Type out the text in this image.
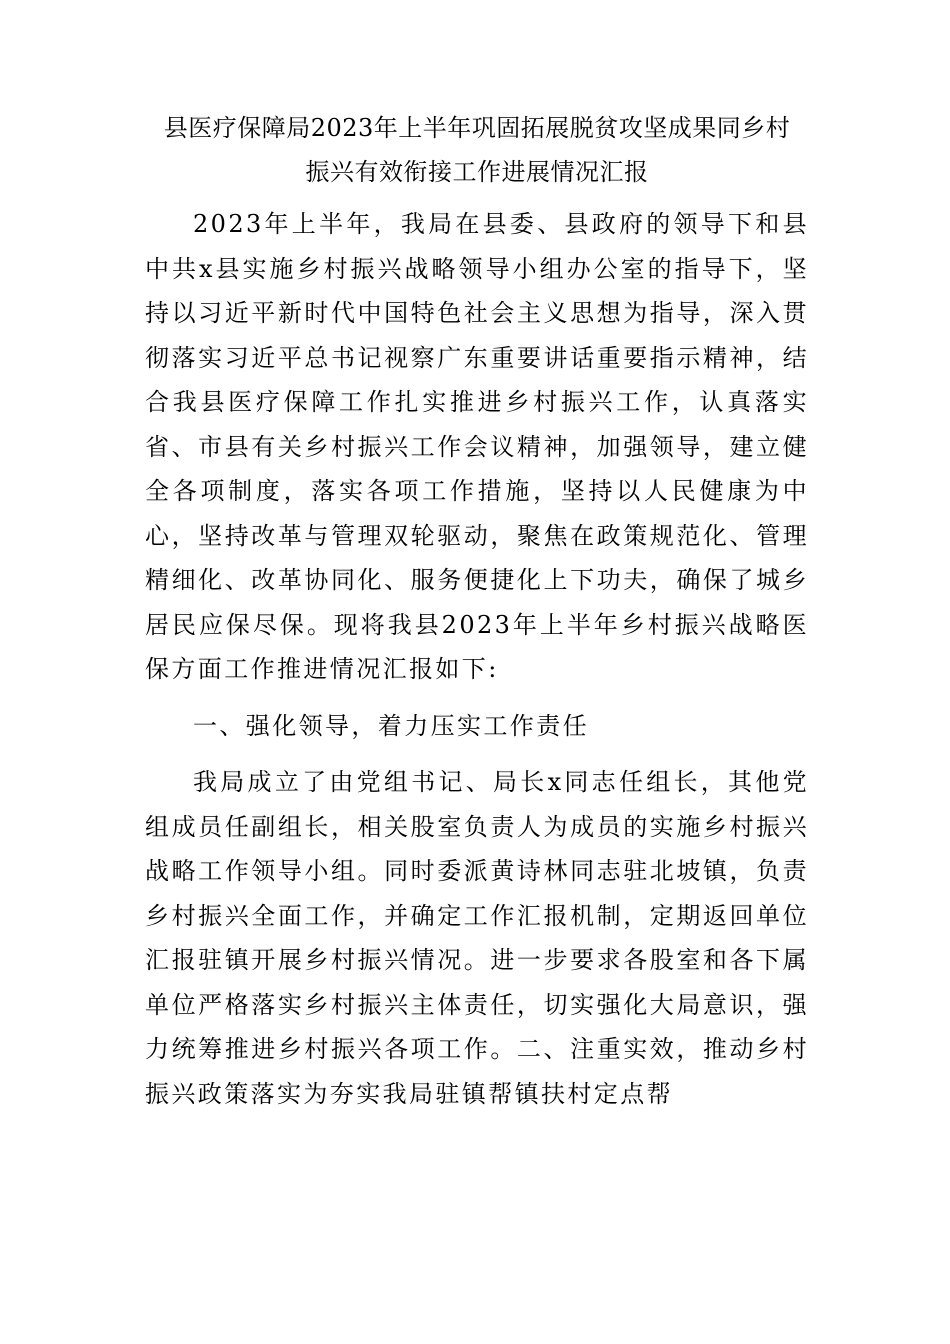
县医疗保障局2023年上半年巩固拓展脱贫攻坚成果同乡村
振兴有效衔接工作进展情况汇报

2023年上半年，我局在县委、县政府的领导下和县中共x县实施乡村振兴战略领导小组办公室的指导下，坚持以习近平新时代中国特色社会主义思想为指导，深入贯彻落实习近平总书记视察广东重要讲话重要指示精神，结合我县医疗保障工作扎实推进乡村振兴工作，认真落实省、市县有关乡村振兴工作会议精神，加强领导，建立健全各项制度，落实各项工作措施，坚持以人民健康为中心，坚持改革与管理双轮驱动，聚焦在政策规范化、管理精细化、改革协同化、服务便捷化上下功夫，确保了城乡居民应保尽保。现将我县2023年上半年乡村振兴战略医保方面工作推进情况汇报如下:

一、强化领导，着力压实工作责任

我局成立了由党组书记、局长x同志任组长，其他党组成员任副组长，相关股室负责人为成员的实施乡村振兴战略工作领导小组。同时委派黄诗林同志驻北坡镇，负责乡村振兴全面工作，并确定工作汇报机制，定期返回单位汇报驻镇开展乡村振兴情况。进一步要求各股室和各下属单位严格落实乡村振兴主体责任，切实强化大局意识，强力统筹推进乡村振兴各项工作。二、注重实效，推动乡村振兴政策落实为夯实我局驻镇帮镇扶村定点帮
